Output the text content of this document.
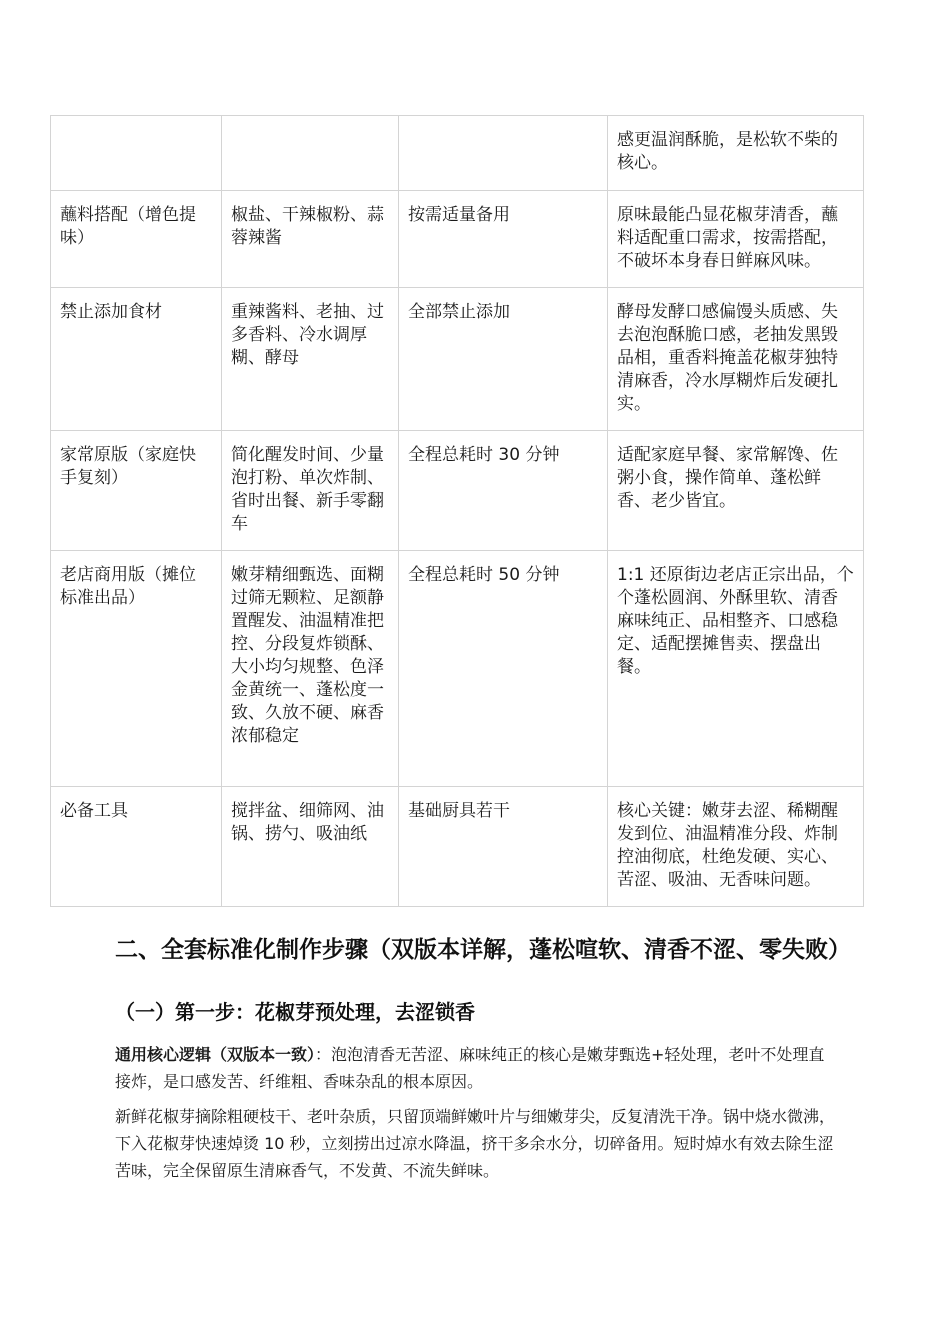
			感更温润酥脆，是松软不柴的核心。
蘸料搭配（增色提味）	椒盐、干辣椒粉、蒜蓉辣酱	按需适量备用	原味最能凸显花椒芽清香，蘸料适配重口需求，按需搭配，不破坏本身春日鲜麻风味。
禁止添加食材	重辣酱料、老抽、过多香料、冷水调厚糊、酵母	全部禁止添加	酵母发酵口感偏馒头质感、失去泡泡酥脆口感，老抽发黑毁品相，重香料掩盖花椒芽独特清麻香，冷水厚糊炸后发硬扎实。
家常原版（家庭快手复刻）	简化醒发时间、少量泡打粉、单次炸制、省时出餐、新手零翻车	全程总耗时 30 分钟	适配家庭早餐、家常解馋、佐粥小食，操作简单、蓬松鲜香、老少皆宜。
老店商用版（摊位标准出品）	嫩芽精细甄选、面糊过筛无颗粒、足额静置醒发、油温精准把控、分段复炸锁酥、大小均匀规整、色泽金黄统一、蓬松度一致、久放不硬、麻香浓郁稳定	全程总耗时 50 分钟	1:1 还原街边老店正宗出品，个个蓬松圆润、外酥里软、清香麻味纯正、品相整齐、口感稳定、适配摆摊售卖、摆盘出餐。
必备工具	搅拌盆、细筛网、油锅、捞勺、吸油纸	基础厨具若干	核心关键：嫩芽去涩、稀糊醒发到位、油温精准分段、炸制控油彻底，杜绝发硬、实心、苦涩、吸油、无香味问题。
二、全套标准化制作步骤（双版本详解，蓬松喧软、清香不涩、零失败）
（一）第一步：花椒芽预处理，去涩锁香

通用核心逻辑（双版本一致）：泡泡清香无苦涩、麻味纯正的核心是嫩芽甄选+轻处理，老叶不处理直接炸，是口感发苦、纤维粗、香味杂乱的根本原因。

新鲜花椒芽摘除粗硬枝干、老叶杂质，只留顶端鲜嫩叶片与细嫩芽尖，反复清洗干净。锅中烧水微沸，下入花椒芽快速焯烫 10 秒，立刻捞出过凉水降温，挤干多余水分，切碎备用。短时焯水有效去除生涩苦味，完全保留原生清麻香气，不发黄、不流失鲜味。
